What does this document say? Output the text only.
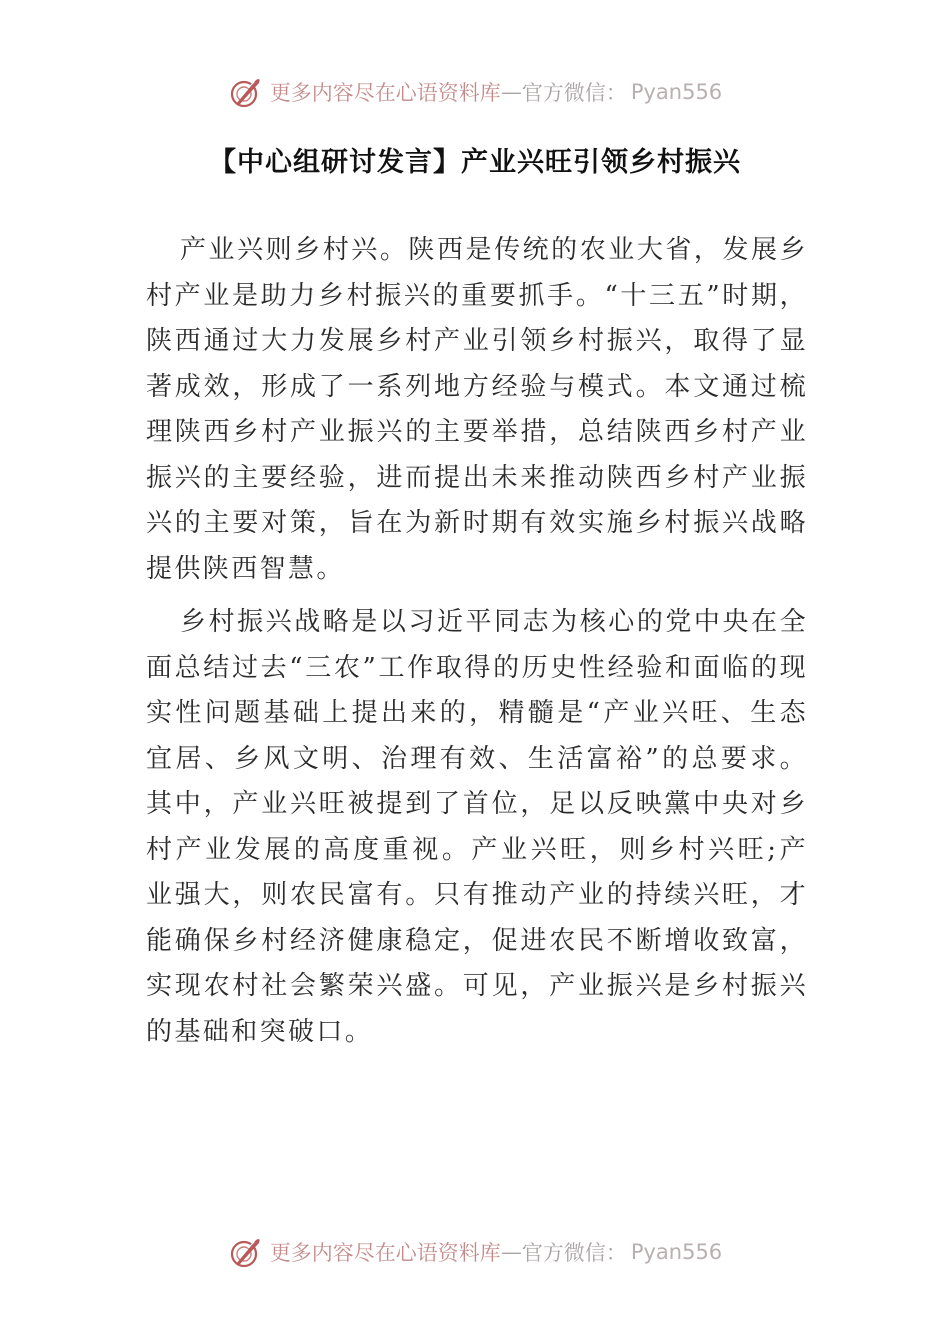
更多内容尽在心语资料库 — 官方微信： Pyan556
【中心组研讨发言】产业兴旺引领乡村振兴

产业兴则乡村兴。陕西是传统的农业大省，发展乡村产业是助力乡村振兴的重要抓手。“十三五”时期，陕西通过大力发展乡村产业引领乡村振兴，取得了显著成效，形成了一系列地方经验与模式。本文通过梳理陕西乡村产业振兴的主要举措，总结陕西乡村产业振兴的主要经验，进而提出未来推动陕西乡村产业振兴的主要对策，旨在为新时期有效实施乡村振兴战略提供陕西智慧。

乡村振兴战略是以习近平同志为核心的党中央在全面总结过去“三农”工作取得的历史性经验和面临的现实性问题基础上提出来的，精髓是“产业兴旺、生态宜居、乡风文明、治理有效、生活富裕”的总要求。其中，产业兴旺被提到了首位，足以反映黨中央对乡村产业发展的高度重视。产业兴旺，则乡村兴旺;产业强大，则农民富有。只有推动产业的持续兴旺，才能确保乡村经济健康稳定，促进农民不断增收致富，实现农村社会繁荣兴盛。可见，产业振兴是乡村振兴的基础和突破口。

更多内容尽在心语资料库 — 官方微信： Pyan556
